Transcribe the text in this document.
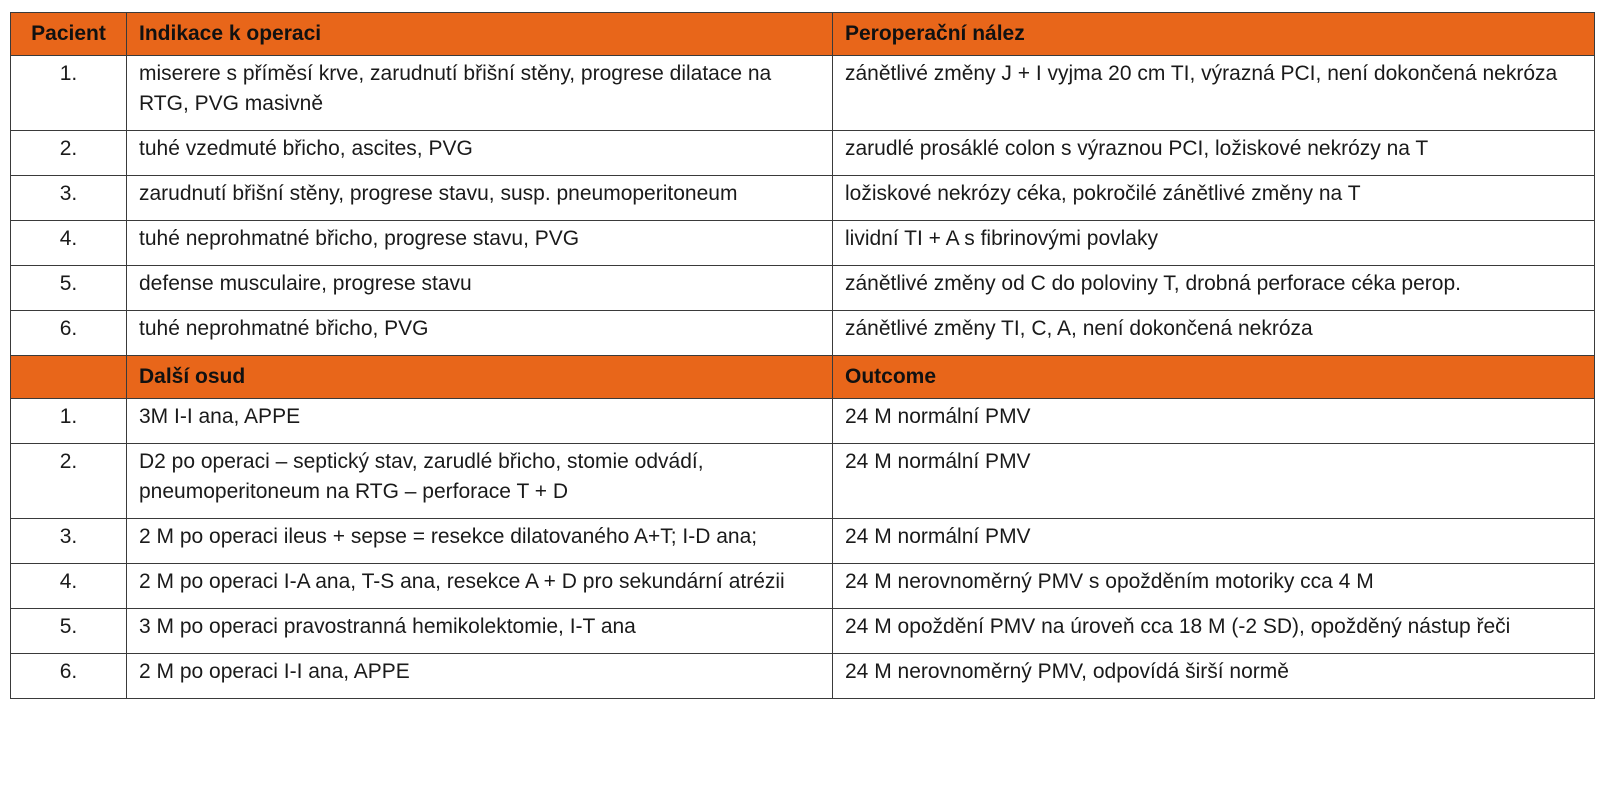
Pacient	Indikace k operaci	Peroperační nález
1.	miserere s příměsí krve, zarudnutí břišní stěny, progrese dilatace na RTG, PVG masivně	zánětlivé změny J + I vyjma 20 cm TI, výrazná PCI, není dokončená nekróza
2.	tuhé vzedmuté břicho, ascites, PVG	zarudlé prosáklé colon s výraznou PCI, ložiskové nekrózy na T
3.	zarudnutí břišní stěny, progrese stavu, susp. pneumoperitoneum	ložiskové nekrózy céka, pokročilé zánětlivé změny na T
4.	tuhé neprohmatné břicho, progrese stavu, PVG	lividní TI + A s fibrinovými povlaky
5.	defense musculaire, progrese stavu	zánětlivé změny od C do poloviny T, drobná perforace céka perop.
6.	tuhé neprohmatné břicho, PVG	zánětlivé změny TI, C, A, není dokončená nekróza
	Další osud	Outcome
1.	3M I-I ana, APPE	24 M normální PMV
2.	D2 po operaci – septický stav, zarudlé břicho, stomie odvádí, pneumoperitoneum na RTG – perforace T + D	24 M normální PMV
3.	2 M po operaci ileus + sepse = resekce dilatovaného A+T; I-D ana;	24 M normální PMV
4.	2 M po operaci I-A ana, T-S ana, resekce A + D pro sekundární atrézii	24 M nerovnoměrný PMV s opožděním motoriky cca 4 M
5.	3 M po operaci pravostranná hemikolektomie, I-T ana	24 M opoždění PMV na úroveň cca 18 M (-2 SD), opožděný nástup řeči
6.	2 M po operaci I-I ana, APPE	24 M nerovnoměrný PMV, odpovídá širší normě
